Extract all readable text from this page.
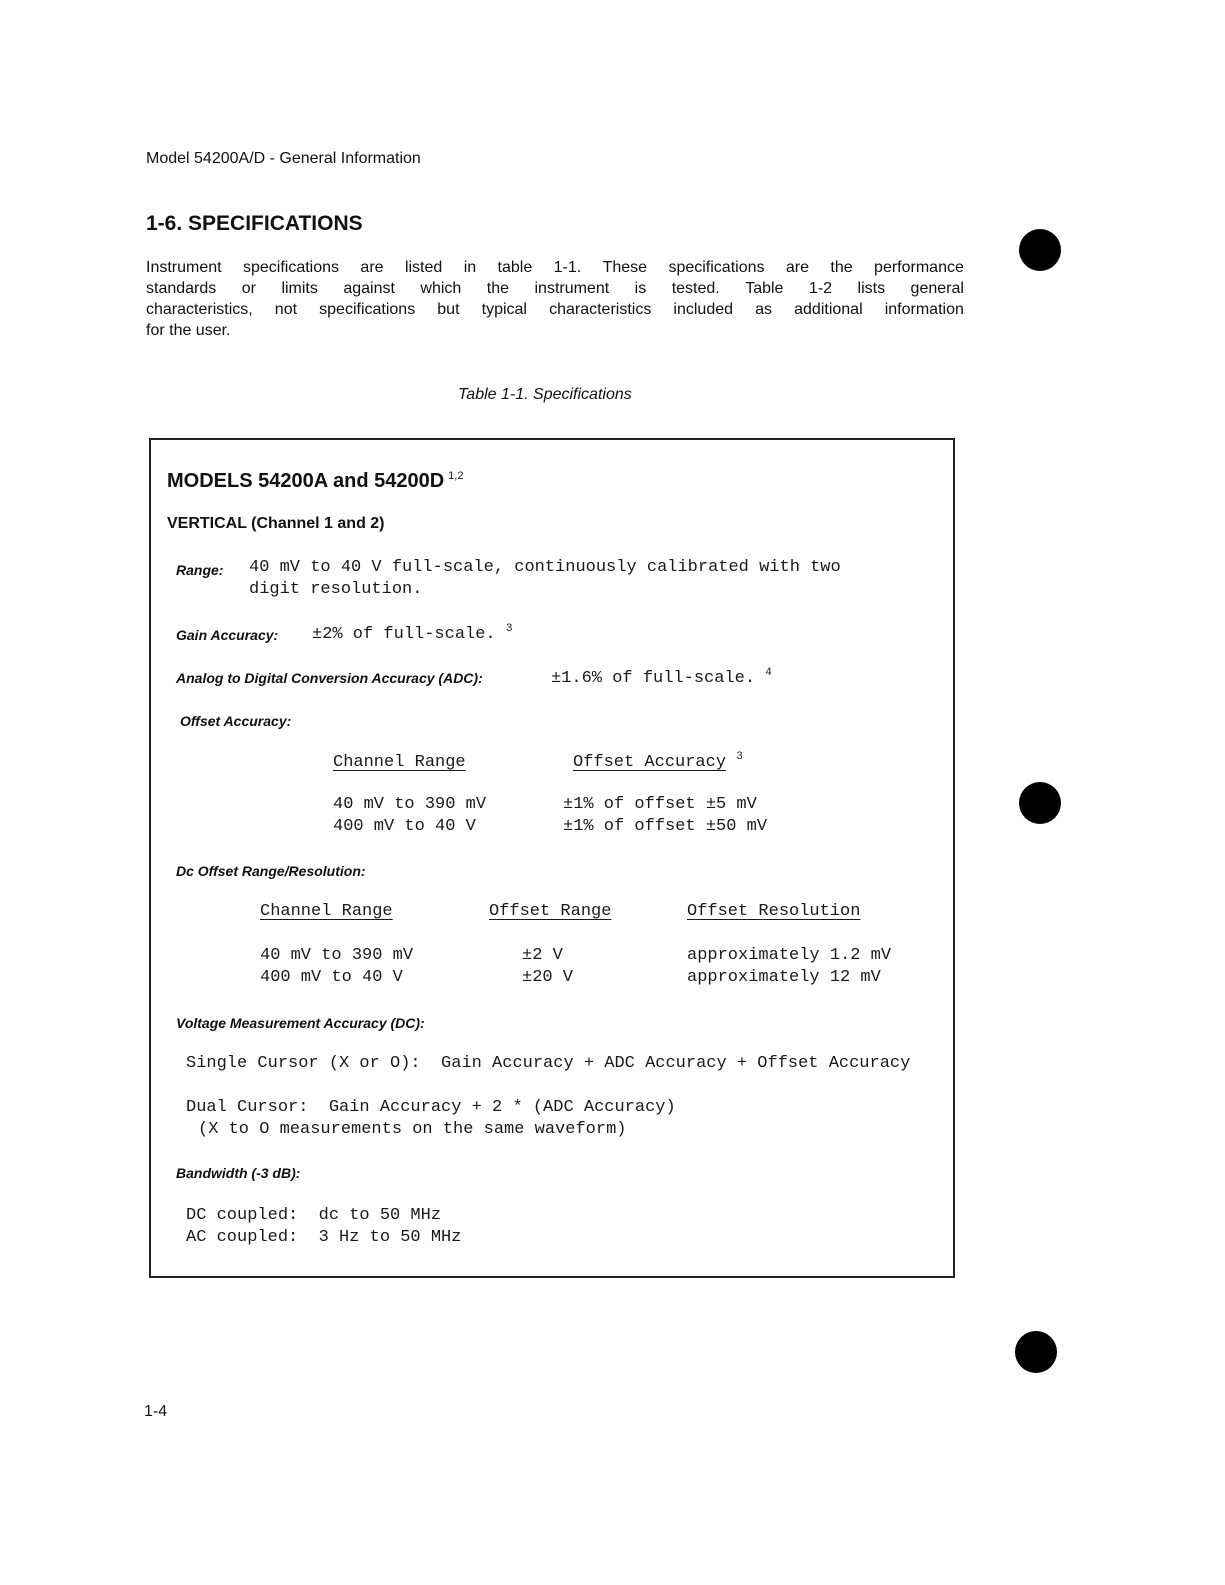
Model 54200A/D - General Information
1-6. SPECIFICATIONS
Instrument specifications are listed in table 1-1. These specifications are the performance
standards or limits against which the instrument is tested. Table 1-2 lists general
characteristics, not specifications but typical characteristics included as additional information
for the user.
Table 1-1. Specifications
MODELS 54200A and 54200D $^{1,2}$
VERTICAL (Channel 1 and 2)
Range: 40 mV to 40 V full-scale, continuously calibrated with two
digit resolution.
Gain Accuracy: ±2% of full-scale. $^3$
Analog to Digital Conversion Accuracy (ADC):	±1.6% of full-scale. $^4$
Offset Accuracy:
Channel Range	Offset Accuracy $^3$
40 mV to 390 mV	±1% of offset ±5 mV
400 mV to 40 V	±1% of offset ±50 mV
Dc Offset Range/Resolution:
Channel Range	Offset Range	Offset Resolution
40 mV to 390 mV	±2 V	approximately 1.2 mV
400 mV to 40 V	±20 V	approximately 12 mV
Voltage Measurement Accuracy (DC):
Single Cursor (X or O):  Gain Accuracy + ADC Accuracy + Offset Accuracy
Dual Cursor:  Gain Accuracy + 2 * (ADC Accuracy)
(X to O measurements on the same waveform)
Bandwidth (-3 dB):
DC coupled:  dc to 50 MHz
AC coupled:  3 Hz to 50 MHz
1-4
